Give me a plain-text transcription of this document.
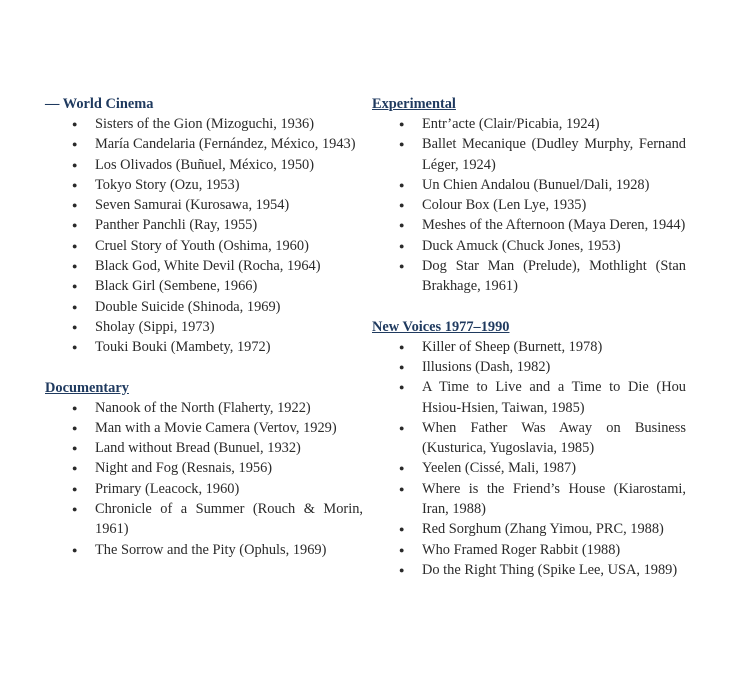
— World Cinema
● Sisters of the Gion (Mizoguchi, 1936)
● María Candelaria (Fernández, México, 1943)
● Los Olivados (Buñuel, México, 1950)
● Tokyo Story (Ozu, 1953)
● Seven Samurai (Kurosawa, 1954)
● Panther Panchli (Ray, 1955)
● Cruel Story of Youth (Oshima, 1960)
● Black God, White Devil (Rocha, 1964)
● Black Girl (Sembene, 1966)
● Double Suicide (Shinoda, 1969)
● Sholay (Sippi, 1973)
● Touki Bouki (Mambety, 1972)
Documentary
● Nanook of the North (Flaherty, 1922)
● Man with a Movie Camera (Vertov, 1929)
● Land without Bread (Bunuel, 1932)
● Night and Fog (Resnais, 1956)
● Primary (Leacock, 1960)
● Chronicle of a Summer (Rouch & Morin, 1961)
● The Sorrow and the Pity (Ophuls, 1969)
Experimental
● Entr’acte (Clair/Picabia, 1924)
● Ballet Mecanique (Dudley Murphy, Fernand Léger, 1924)
● Un Chien Andalou (Bunuel/Dali, 1928)
● Colour Box (Len Lye, 1935)
● Meshes of the Afternoon (Maya Deren, 1944)
● Duck Amuck (Chuck Jones, 1953)
● Dog Star Man (Prelude), Mothlight (Stan Brakhage, 1961)
New Voices 1977–1990
● Killer of Sheep (Burnett, 1978)
● Illusions (Dash, 1982)
● A Time to Live and a Time to Die (Hou Hsiou-Hsien, Taiwan, 1985)
● When Father Was Away on Business (Kusturica, Yugoslavia, 1985)
● Yeelen (Cissé, Mali, 1987)
● Where is the Friend’s House (Kiarostami, Iran, 1988)
● Red Sorghum (Zhang Yimou, PRC, 1988)
● Who Framed Roger Rabbit (1988)
● Do the Right Thing (Spike Lee, USA, 1989)
